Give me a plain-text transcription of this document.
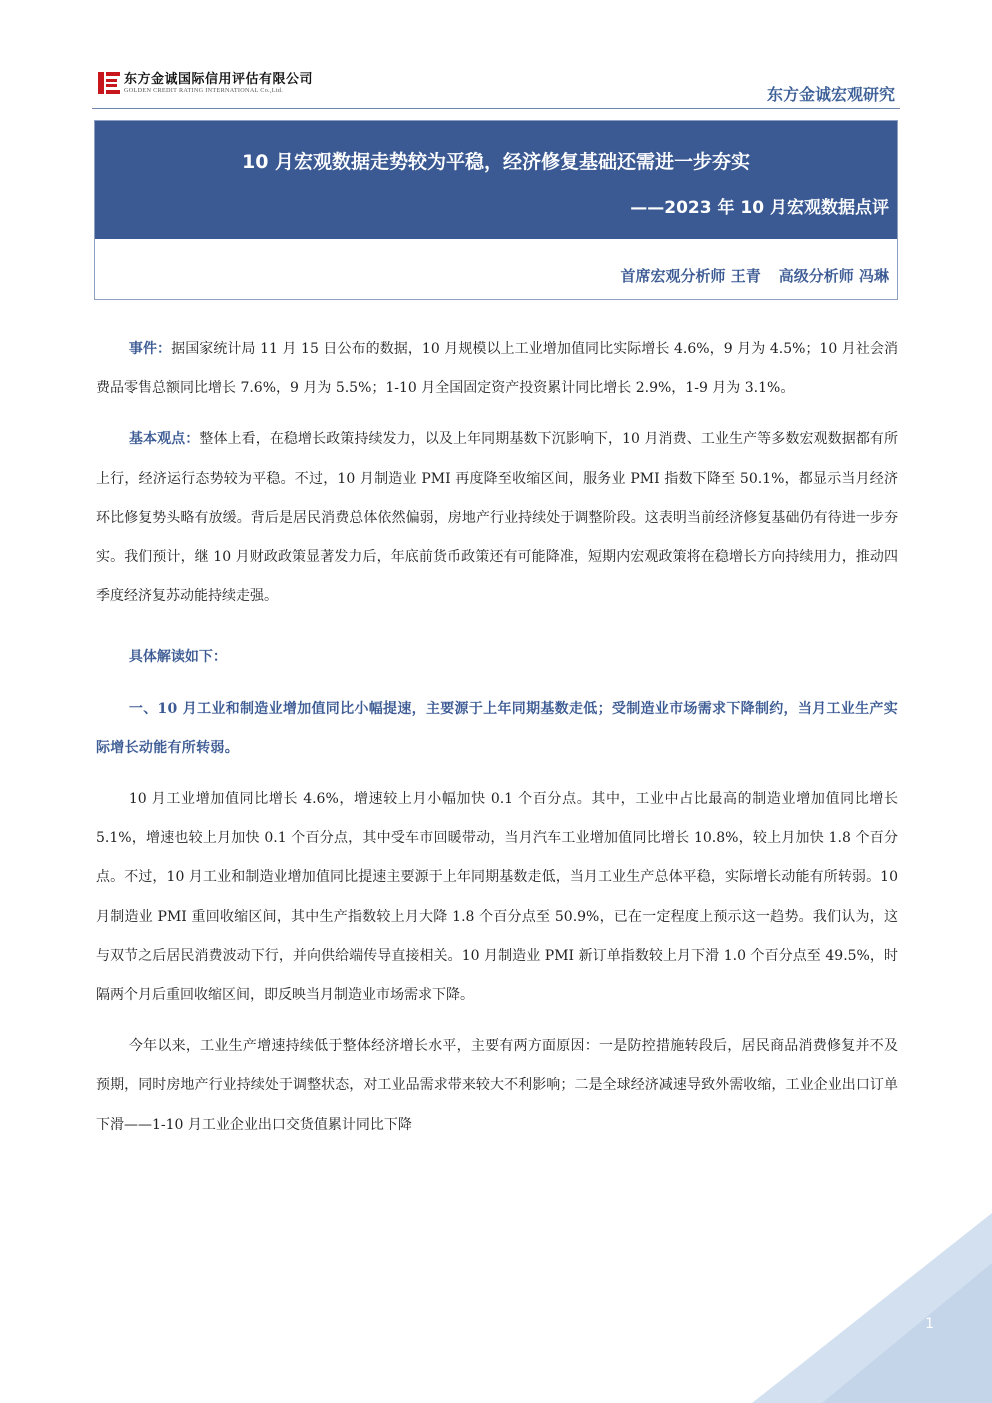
东方金诚国际信用评估有限公司
GOLDEN CREDIT RATING INTERNATIONAL Co.,Ltd.	东方金诚宏观研究
10 月宏观数据走势较为平稳，经济修复基础还需进一步夯实
——2023 年 10 月宏观数据点评
首席宏观分析师 王青 高级分析师 冯琳

事件：据国家统计局 11 月 15 日公布的数据，10 月规模以上工业增加值同比实际增长 4.6%，9 月为 4.5%；10 月社会消费品零售总额同比增长 7.6%，9 月为 5.5%；1-10 月全国固定资产投资累计同比增长 2.9%，1-9 月为 3.1%。

基本观点：整体上看，在稳增长政策持续发力，以及上年同期基数下沉影响下，10 月消费、工业生产等多数宏观数据都有所上行，经济运行态势较为平稳。不过，10 月制造业 PMI 再度降至收缩区间，服务业 PMI 指数下降至 50.1%，都显示当月经济环比修复势头略有放缓。背后是居民消费总体依然偏弱，房地产行业持续处于调整阶段。这表明当前经济修复基础仍有待进一步夯实。我们预计，继 10 月财政政策显著发力后，年底前货币政策还有可能降准，短期内宏观政策将在稳增长方向持续用力，推动四季度经济复苏动能持续走强。

具体解读如下：

一、10 月工业和制造业增加值同比小幅提速，主要源于上年同期基数走低；受制造业市场需求下降制约，当月工业生产实际增长动能有所转弱。

10 月工业增加值同比增长 4.6%，增速较上月小幅加快 0.1 个百分点。其中，工业中占比最高的制造业增加值同比增长 5.1%，增速也较上月加快 0.1 个百分点，其中受车市回暖带动，当月汽车工业增加值同比增长 10.8%，较上月加快 1.8 个百分点。不过，10 月工业和制造业增加值同比提速主要源于上年同期基数走低，当月工业生产总体平稳，实际增长动能有所转弱。10 月制造业 PMI 重回收缩区间，其中生产指数较上月大降 1.8 个百分点至 50.9%，已在一定程度上预示这一趋势。我们认为，这与双节之后居民消费波动下行，并向供给端传导直接相关。10 月制造业 PMI 新订单指数较上月下滑 1.0 个百分点至 49.5%，时隔两个月后重回收缩区间，即反映当月制造业市场需求下降。

今年以来，工业生产增速持续低于整体经济增长水平，主要有两方面原因：一是防控措施转段后，居民商品消费修复并不及预期，同时房地产行业持续处于调整状态，对工业品需求带来较大不利影响；二是全球经济减速导致外需收缩，工业企业出口订单下滑——1-10 月工业企业出口交货值累计同比下降

1
